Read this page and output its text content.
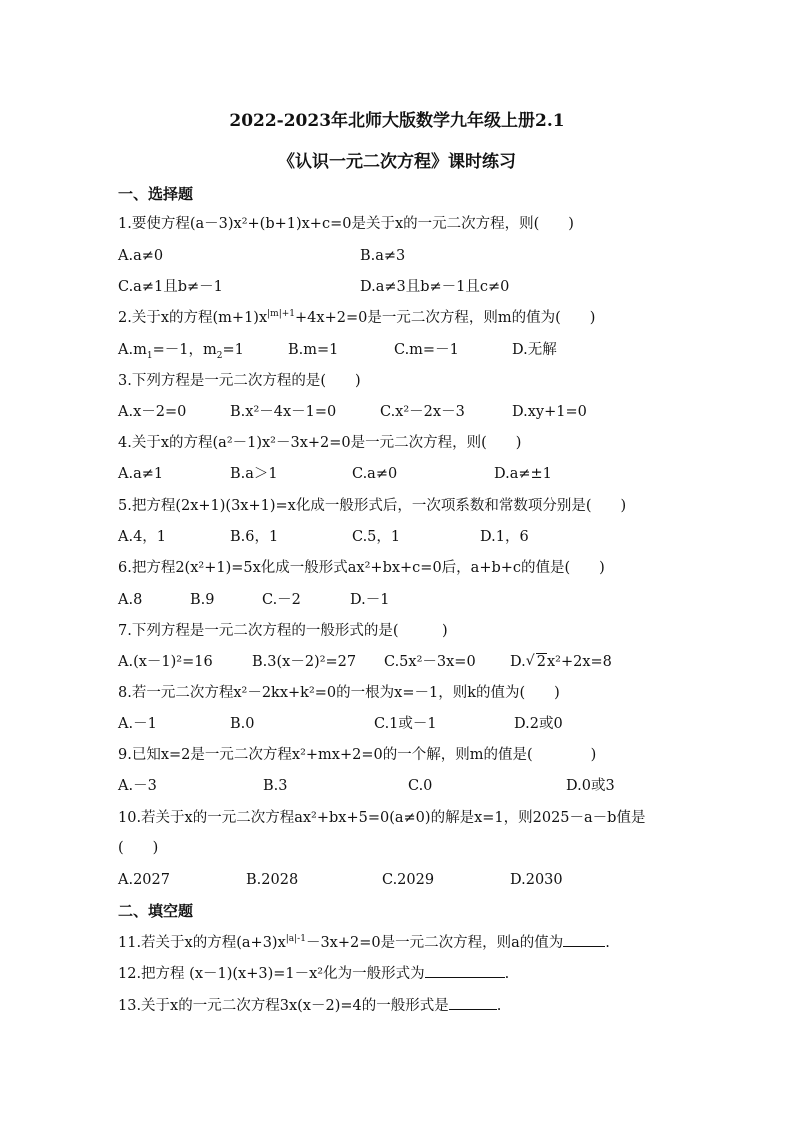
2022-2023年北师大版数学九年级上册2.1
《认识一元二次方程》课时练习
一、选择题
1.要使方程(a－3)x²+(b+1)x+c=0是关于x的一元二次方程，则(　　)
A.a≠0	B.a≠3
C.a≠1且b≠－1	D.a≠3且b≠－1且c≠0
2.关于x的方程$(m+1)x^{|m|+1}+4x+2=0$是一元二次方程，则m的值为(　　)
$A.m_1=-1$，$m_2=1$	B.m=1	C.m=－1	D.无解
3.下列方程是一元二次方程的是(　　)
A.x－2=0	B.x²－4x－1=0	C.x²－2x－3	D.xy+1=0
4.关于x的方程(a²－1)x²－3x+2=0是一元二次方程，则(　　)
A.a≠1	B.a＞1	C.a≠0	D.a≠±1
5.把方程(2x+1)(3x+1)=x化成一般形式后，一次项系数和常数项分别是(　　)
A.4，1	B.6，1	C.5，1	D.1，6
6.把方程2(x²+1)=5x化成一般形式ax²+bx+c=0后，a+b+c的值是(　　)
A.8	B.9	C.－2	D.－1
7.下列方程是一元二次方程的一般形式的是(　　　)
A.(x－1)²=16	B.3(x－2)²=27 C.5x²－3x=0 D.√ 2x²+2x=8
8.若一元二次方程x²－2kx+k²=0的一根为x=－1，则k的值为(　　)
A.－1	B.0	C.1或－1	D.2或0
9.已知x=2是一元二次方程x²+mx+2=0的一个解，则m的值是(　　　　)
A.－3	B.3	C.0	D.0或3
10.若关于x的一元二次方程ax²+bx+5=0(a≠0)的解是x=1，则2025－a－b值是
(　　)
A.2027	B.2028	C.2029	D.2030
二、填空题
11.若关于x的方程$(a+3)x^{|a|-1}-3x+2=0$是一元二次方程，则a的值为	.
12.把方程 (x－1)(x+3)=1－x²化为一般形式为	.
13.关于x的一元二次方程3x(x－2)=4的一般形式是	.
